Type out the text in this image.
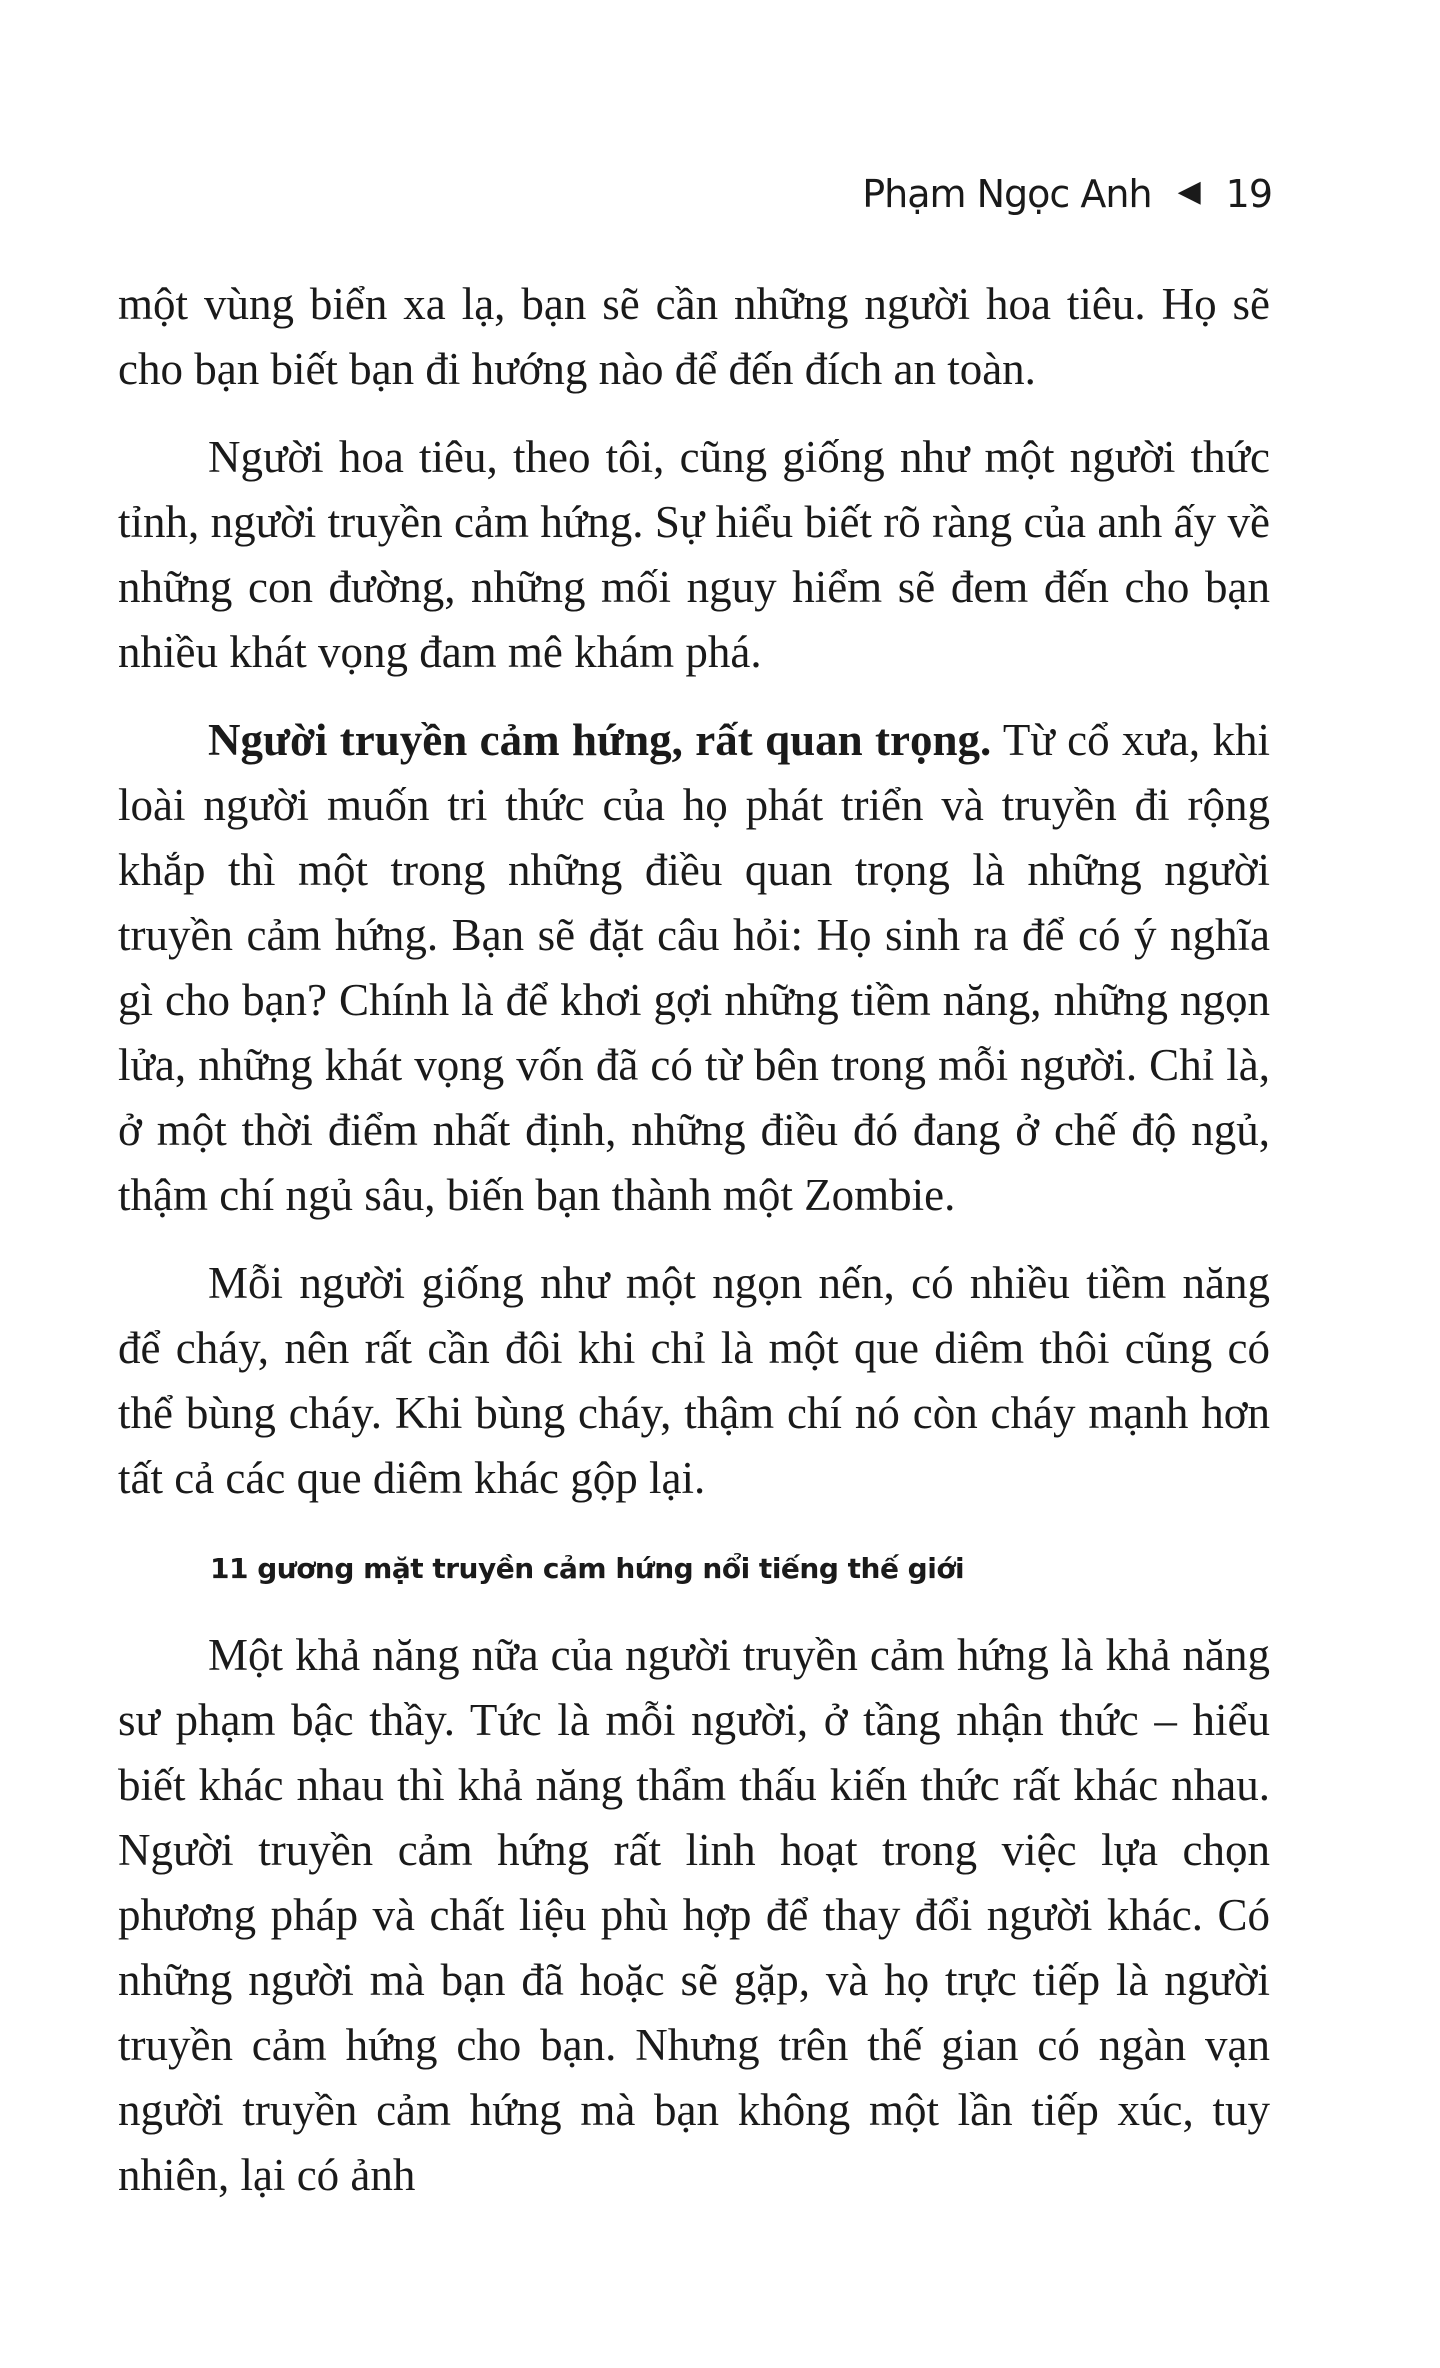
Phạm Ngọc Anh ◀ 19

một vùng biển xa lạ, bạn sẽ cần những người hoa tiêu. Họ sẽ cho bạn biết bạn đi hướng nào để đến đích an toàn.

Người hoa tiêu, theo tôi, cũng giống như một người thức tỉnh, người truyền cảm hứng. Sự hiểu biết rõ ràng của anh ấy về những con đường, những mối nguy hiểm sẽ đem đến cho bạn nhiều khát vọng đam mê khám phá.

Người truyền cảm hứng, rất quan trọng. Từ cổ xưa, khi loài người muốn tri thức của họ phát triển và truyền đi rộng khắp thì một trong những điều quan trọng là những người truyền cảm hứng. Bạn sẽ đặt câu hỏi: Họ sinh ra để có ý nghĩa gì cho bạn? Chính là để khơi gợi những tiềm năng, những ngọn lửa, những khát vọng vốn đã có từ bên trong mỗi người. Chỉ là, ở một thời điểm nhất định, những điều đó đang ở chế độ ngủ, thậm chí ngủ sâu, biến bạn thành một Zombie.

Mỗi người giống như một ngọn nến, có nhiều tiềm năng để cháy, nên rất cần đôi khi chỉ là một que diêm thôi cũng có thể bùng cháy. Khi bùng cháy, thậm chí nó còn cháy mạnh hơn tất cả các que diêm khác gộp lại.

11 gương mặt truyền cảm hứng nổi tiếng thế giới

Một khả năng nữa của người truyền cảm hứng là khả năng sư phạm bậc thầy. Tức là mỗi người, ở tầng nhận thức – hiểu biết khác nhau thì khả năng thẩm thấu kiến thức rất khác nhau. Người truyền cảm hứng rất linh hoạt trong việc lựa chọn phương pháp và chất liệu phù hợp để thay đổi người khác. Có những người mà bạn đã hoặc sẽ gặp, và họ trực tiếp là người truyền cảm hứng cho bạn. Nhưng trên thế gian có ngàn vạn người truyền cảm hứng mà bạn không một lần tiếp xúc, tuy nhiên, lại có ảnh
